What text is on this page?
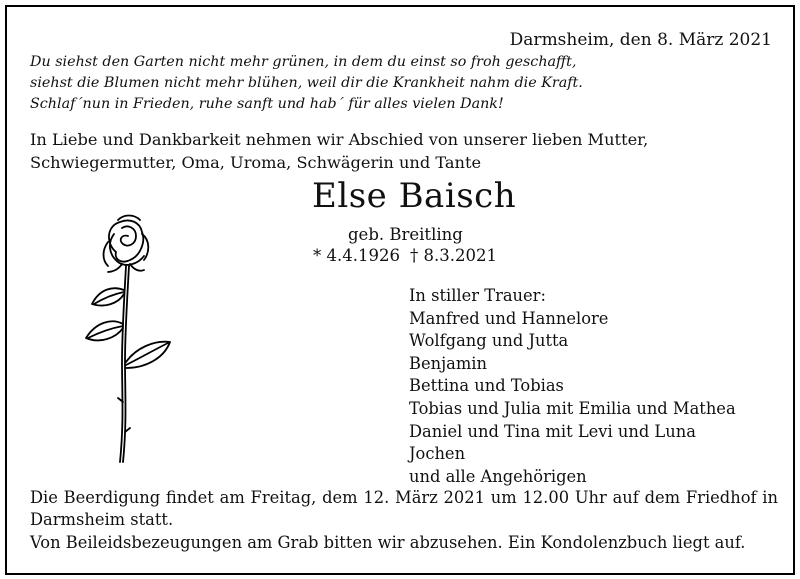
Darmsheim, den 8. März 2021
Du siehst den Garten nicht mehr grünen, in dem du einst so froh geschafft,
siehst die Blumen nicht mehr blühen, weil dir die Krankheit nahm die Kraft.
Schlaf´nun in Frieden, ruhe sanft und hab´ für alles vielen Dank!
In Liebe und Dankbarkeit nehmen wir Abschied von unserer lieben Mutter, Schwiegermutter, Oma, Uroma, Schwägerin und Tante
Else Baisch
geb. Breitling
* 4.4.1926 † 8.3.2021
In stiller Trauer:
Manfred und Hannelore
Wolfgang und Jutta
Benjamin
Bettina und Tobias
Tobias und Julia mit Emilia und Mathea
Daniel und Tina mit Levi und Luna
Jochen
und alle Angehörigen
Die Beerdigung findet am Freitag, dem 12. März 2021 um 12.00 Uhr auf dem Friedhof in Darmsheim statt.
Von Beileidsbezeugungen am Grab bitten wir abzusehen. Ein Kondolenzbuch liegt auf.
